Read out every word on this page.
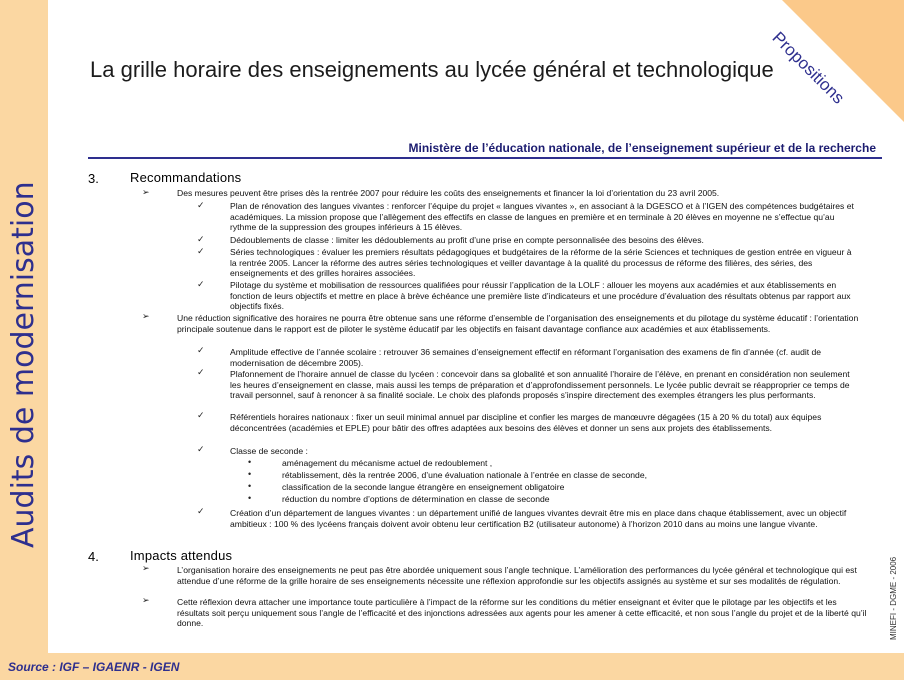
Audits de modernisation
Propositions
La grille horaire des enseignements au lycée général et technologique
Ministère de l’éducation nationale, de l’enseignement supérieur et de la recherche
3. Recommandations
➢	Des mesures peuvent être prises dès la rentrée 2007 pour réduire les coûts des enseignements et financer la loi d’orientation du 23 avril 2005.
✓	Plan de rénovation des langues vivantes : renforcer l’équipe du projet « langues vivantes », en associant à la DGESCO et à l’IGEN des compétences budgétaires et académiques. La mission propose que l’allègement des effectifs en classe de langues en première et en terminale à 20 élèves en moyenne ne s’effectue qu’au rythme de la suppression des groupes inférieurs à 15 élèves.
✓	Dédoublements de classe : limiter les dédoublements au profit d’une prise en compte personnalisée des besoins des élèves.
✓	Séries technologiques : évaluer les premiers résultats pédagogiques et budgétaires de la réforme de la série Sciences et techniques de gestion entrée en vigueur à la rentrée 2005. Lancer la réforme des autres séries technologiques et veiller davantage à la qualité du processus de réforme des filières, des séries, des enseignements et des grilles horaires associées.
✓	Pilotage du système et mobilisation de ressources qualifiées pour réussir l’application de la LOLF : allouer les moyens aux académies et aux établissements en fonction de leurs objectifs et mettre en place à brève échéance une première liste d’indicateurs et une procédure d’évaluation des résultats obtenus par rapport aux objectifs fixés.
➢	Une réduction significative des horaires ne pourra être obtenue sans une réforme d’ensemble de l’organisation des enseignements et du pilotage du système éducatif : l’orientation principale soutenue dans le rapport est de piloter le système éducatif par les objectifs en faisant davantage confiance aux académies et aux établissements.
✓	Amplitude effective de l’année scolaire : retrouver 36 semaines d’enseignement effectif en réformant l’organisation des examens de fin d’année (cf. audit de modernisation de décembre 2005).
✓	Plafonnement de l’horaire annuel de classe du lycéen : concevoir dans sa globalité et son annualité l’horaire de l’élève, en prenant en considération non seulement les heures d’enseignement en classe, mais aussi les temps de préparation et d’approfondissement personnels. Le lycée public devrait se réapproprier ce temps de travail personnel, sauf à renoncer à sa finalité sociale. Le choix des plafonds proposés s’inspire directement des exemples étrangers les plus performants.
✓	Référentiels horaires nationaux : fixer un seuil minimal annuel par discipline et confier les marges de manœuvre dégagées (15 à 20 % du total) aux équipes déconcentrées (académies et EPLE) pour bâtir des offres adaptées aux besoins des élèves et donner un sens aux projets des établissements.
✓	Classe de seconde :
•	aménagement du mécanisme actuel de redoublement ,
•	rétablissement, dès la rentrée 2006, d’une évaluation nationale à l’entrée en classe de seconde,
•	classification de la seconde langue étrangère en enseignement obligatoire
•	réduction du nombre d’options de détermination en classe de seconde
✓	Création d’un département de langues vivantes : un département unifié de langues vivantes devrait être mis en place dans chaque établissement, avec un objectif ambitieux : 100 % des lycéens français doivent avoir obtenu leur certification B2 (utilisateur autonome) à l’horizon 2010 dans au moins une langue vivante.
4. Impacts attendus
➢	L’organisation horaire des enseignements ne peut pas être abordée uniquement sous l’angle technique. L’amélioration des performances du lycée général et technologique qui est attendue d’une réforme de la grille horaire de ses enseignements nécessite une réflexion approfondie sur les objectifs assignés au système et sur ses modalités de régulation.
➢	Cette réflexion devra attacher une importance toute particulière à l’impact de la réforme sur les conditions du métier enseignant et éviter que le pilotage par les objectifs et les résultats soit perçu uniquement sous l’angle de l’efficacité et des injonctions adressées aux agents pour les amener à cette efficacité, et non sous l’angle du projet et de la liberté qu’il donne.	MINEFI - DGME - 2006
Source : IGF – IGAENR - IGEN
